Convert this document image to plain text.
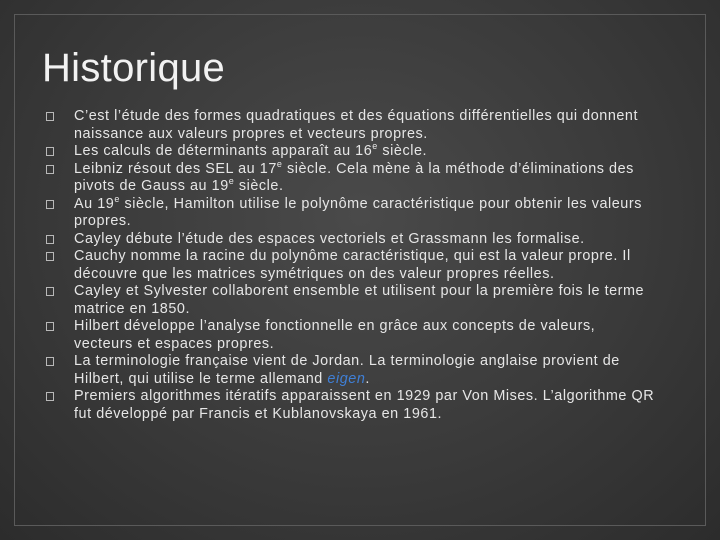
Historique
C’est l’étude des formes quadratiques et des équations différentielles qui donnent naissance aux valeurs propres et vecteurs propres.
Les calculs de déterminants apparaît au 16e siècle.
Leibniz résout des SEL au 17e siècle. Cela mène à la méthode d’éliminations des pivots de Gauss au 19e siècle.
Au 19e siècle, Hamilton utilise le polynôme caractéristique pour obtenir les valeurs propres.
Cayley débute l’étude des espaces vectoriels et Grassmann les formalise.
Cauchy nomme la racine du polynôme caractéristique, qui est la valeur propre. Il découvre que les matrices symétriques on des valeur propres réelles.
Cayley et Sylvester collaborent ensemble et utilisent pour la première fois le terme matrice en 1850.
Hilbert développe l’analyse fonctionnelle en grâce aux concepts de valeurs, vecteurs et espaces propres.
La terminologie française vient de Jordan. La terminologie anglaise provient de Hilbert, qui utilise le terme allemand eigen.
Premiers algorithmes itératifs apparaissent en 1929 par Von Mises. L’algorithme QR fut développé par Francis et Kublanovskaya en 1961.
